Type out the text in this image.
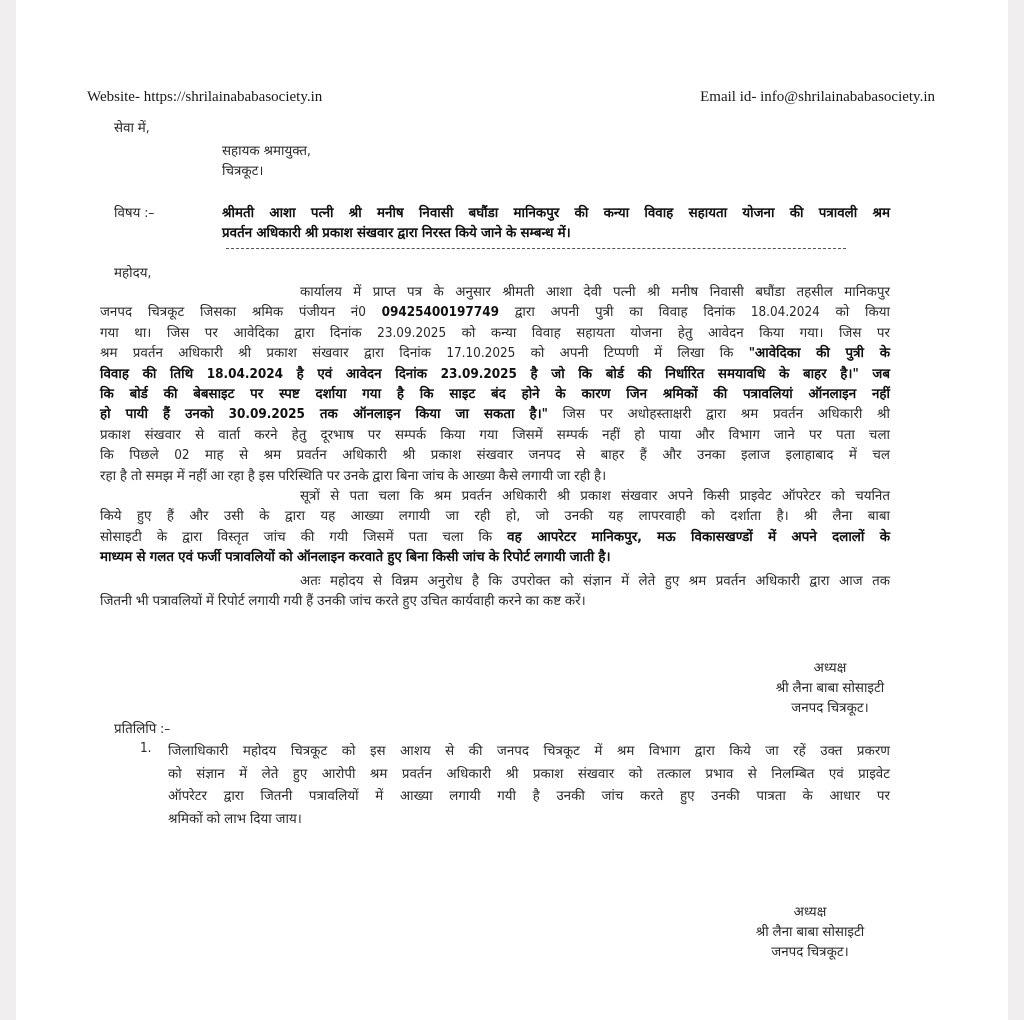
Website- https://shrilainababasociety.in	Email id- info@shrilainababasociety.in
सेवा में,
सहायक श्रमायुक्त,
चित्रकूट।
विषय :–	श्रीमती आशा पत्नी श्री मनीष निवासी बघौंडा मानिकपुर की कन्या विवाह सहायता योजना की पत्रावली श्रम
प्रवर्तन अधिकारी श्री प्रकाश संखवार द्वारा निरस्त किये जाने के सम्बन्ध में।
महोदय,
कार्यालय में प्राप्त पत्र के अनुसार श्रीमती आशा देवी पत्नी श्री मनीष निवासी बघौंडा तहसील मानिकपुर
जनपद चित्रकूट जिसका श्रमिक पंजीयन नं0 09425400197749 द्वारा अपनी पुत्री का विवाह दिनांक 18.04.2024 को किया
गया था। जिस पर आवेदिका द्वारा दिनांक 23.09.2025 को कन्या विवाह सहायता योजना हेतु आवेदन किया गया। जिस पर
श्रम प्रवर्तन अधिकारी श्री प्रकाश संखवार द्वारा दिनांक 17.10.2025 को अपनी टिप्पणी में लिखा कि "आवेदिका की पुत्री के
विवाह की तिथि 18.04.2024 है एवं आवेदन दिनांक 23.09.2025 है जो कि बोर्ड की निर्धारित समयावधि के बाहर है।" जब
कि बोर्ड की बेबसाइट पर स्पष्ट दर्शाया गया है कि साइट बंद होने के कारण जिन श्रमिकों की पत्रावलियां ऑनलाइन नहीं
हो पायी हैं उनको 30.09.2025 तक ऑनलाइन किया जा सकता है।" जिस पर अधोहस्ताक्षरी द्वारा श्रम प्रवर्तन अधिकारी श्री
प्रकाश संखवार से वार्ता करने हेतु दूरभाष पर सम्पर्क किया गया जिसमें सम्पर्क नहीं हो पाया और विभाग जाने पर पता चला
कि पिछले 02 माह से श्रम प्रवर्तन अधिकारी श्री प्रकाश संखवार जनपद से बाहर हैं और उनका इलाज इलाहाबाद में चल
रहा है तो समझ में नहीं आ रहा है इस परिस्थिति पर उनके द्वारा बिना जांच के आख्या कैसे लगायी जा रही है।
सूत्रों से पता चला कि श्रम प्रवर्तन अधिकारी श्री प्रकाश संखवार अपने किसी प्राइवेट ऑपरेटर को चयनित
किये हुए हैं और उसी के द्वारा यह आख्या लगायी जा रही हो, जो उनकी यह लापरवाही को दर्शाता है। श्री लैना बाबा
सोसाइटी के द्वारा विस्तृत जांच की गयी जिसमें पता चला कि वह आपरेटर मानिकपुर, मऊ विकासखण्डों में अपने दलालों के
माध्यम से गलत एवं फर्जी पत्रावलियों को ऑनलाइन करवाते हुए बिना किसी जांच के रिपोर्ट लगायी जाती है।
अतः महोदय से विन्नम अनुरोध है कि उपरोक्त को संज्ञान में लेते हुए श्रम प्रवर्तन अधिकारी द्वारा आज तक
जितनी भी पत्रावलियों में रिपोर्ट लगायी गयी हैं उनकी जांच करते हुए उचित कार्यवाही करने का कष्ट करें।
अध्यक्ष
श्री लैना बाबा सोसाइटी
जनपद चित्रकूट।
प्रतिलिपि :–
1. जिलाधिकारी महोदय चित्रकूट को इस आशय से की जनपद चित्रकूट में श्रम विभाग द्वारा किये जा रहें उक्त प्रकरण
को संज्ञान में लेते हुए आरोपी श्रम प्रवर्तन अधिकारी श्री प्रकाश संखवार को तत्काल प्रभाव से निलम्बित एवं प्राइवेट
ऑपरेटर द्वारा जितनी पत्रावलियों में आख्या लगायी गयी है उनकी जांच करते हुए उनकी पात्रता के आधार पर
श्रमिकों को लाभ दिया जाय।
अध्यक्ष
श्री लैना बाबा सोसाइटी
जनपद चित्रकूट।
